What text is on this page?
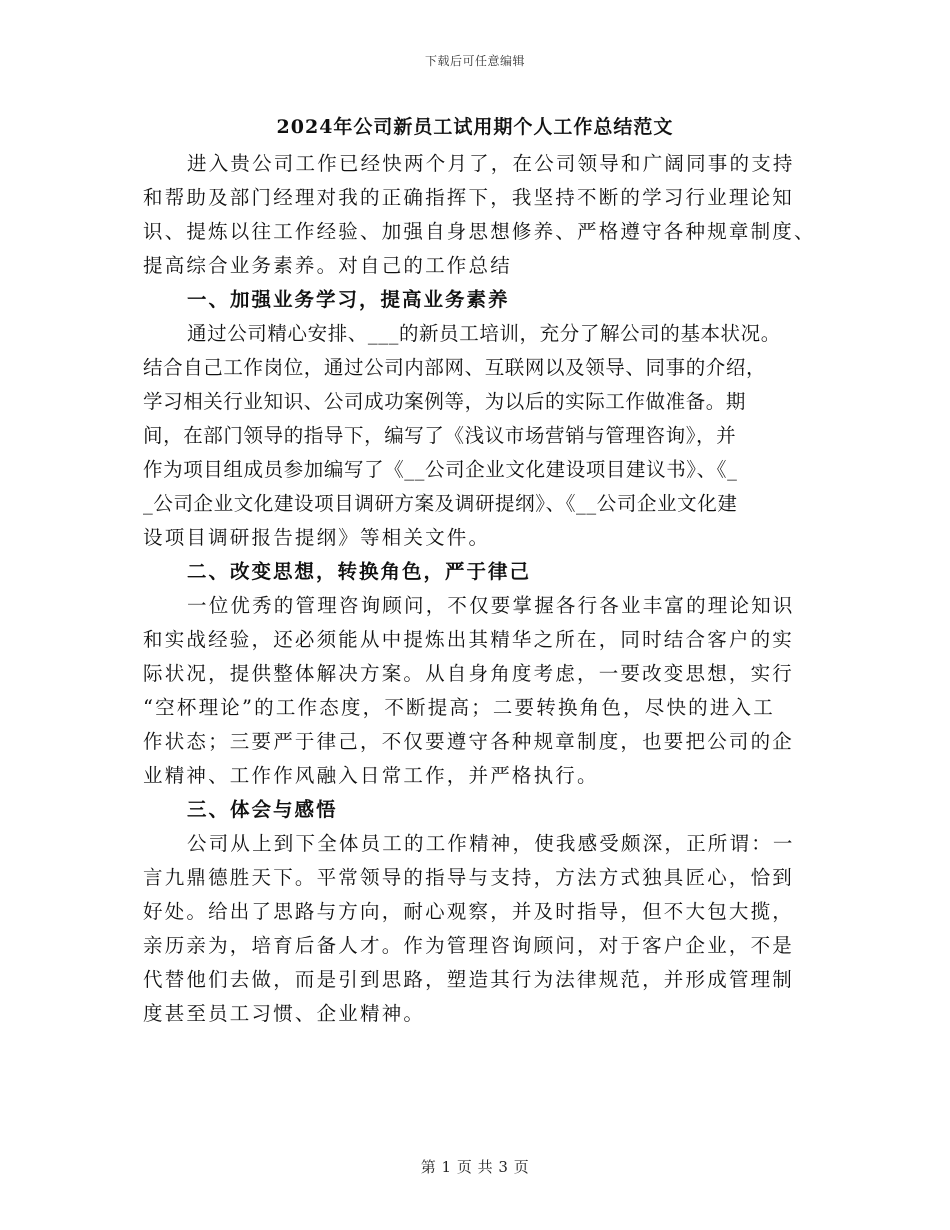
下载后可任意编辑
2024年公司新员工试用期个人工作总结范文
进入贵公司工作已经快两个月了，在公司领导和广阔同事的支持
和帮助及部门经理对我的正确指挥下，我坚持不断的学习行业理论知
识、提炼以往工作经验、加强自身思想修养、严格遵守各种规章制度、
提高综合业务素养。对自己的工作总结
一、加强业务学习，提高业务素养
通过公司精心安排、___的新员工培训，充分了解公司的基本状况。
结合自己工作岗位，通过公司内部网、互联网以及领导、同事的介绍，
学习相关行业知识、公司成功案例等，为以后的实际工作做准备。期
间，在部门领导的指导下，编写了《浅议市场营销与管理咨询》，并
作为项目组成员参加编写了《__公司企业文化建设项目建议书》、《_
_公司企业文化建设项目调研方案及调研提纲》、《__公司企业文化建
设项目调研报告提纲》等相关文件。
二、改变思想，转换角色，严于律己
一位优秀的管理咨询顾问，不仅要掌握各行各业丰富的理论知识
和实战经验，还必须能从中提炼出其精华之所在，同时结合客户的实
际状况，提供整体解决方案。从自身角度考虑，一要改变思想，实行
“空杯理论”的工作态度，不断提高；二要转换角色，尽快的进入工
作状态；三要严于律己，不仅要遵守各种规章制度，也要把公司的企
业精神、工作作风融入日常工作，并严格执行。
三、体会与感悟
公司从上到下全体员工的工作精神，使我感受颇深，正所谓：一
言九鼎德胜天下。平常领导的指导与支持，方法方式独具匠心，恰到
好处。给出了思路与方向，耐心观察，并及时指导，但不大包大揽，
亲历亲为，培育后备人才。作为管理咨询顾问，对于客户企业，不是
代替他们去做，而是引到思路，塑造其行为法律规范，并形成管理制
度甚至员工习惯、企业精神。
第 1 页 共 3 页
